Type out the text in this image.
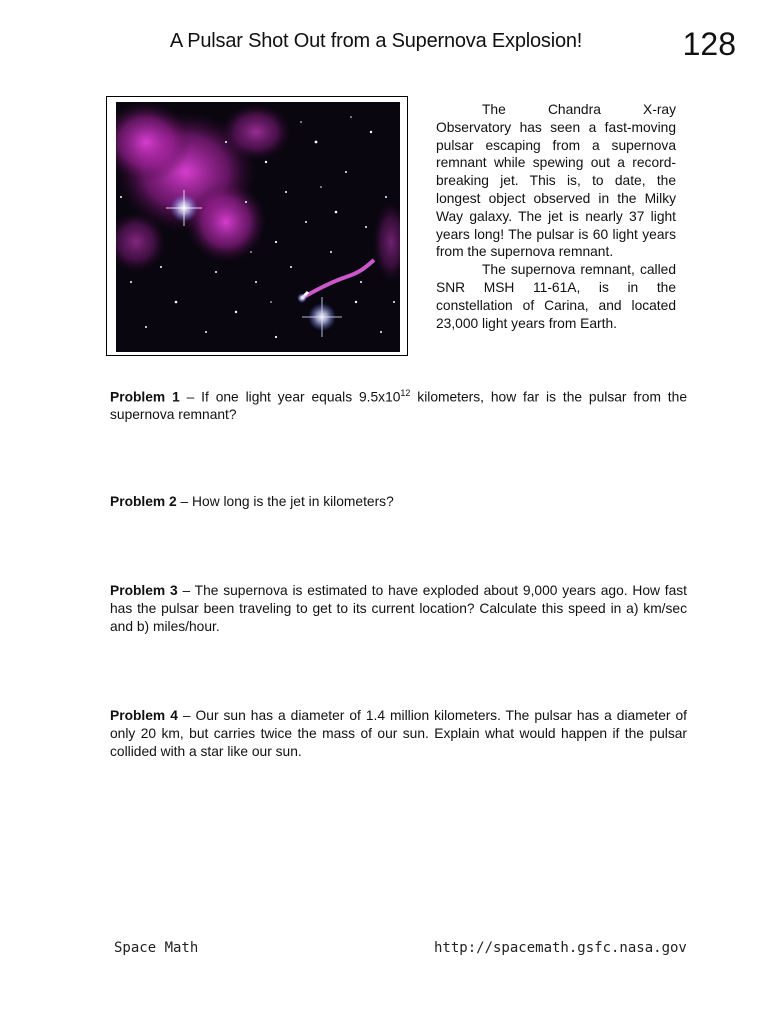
A Pulsar Shot Out from a Supernova Explosion!	128

The Chandra X-ray Observatory has seen a fast-moving pulsar escaping from a supernova remnant while spewing out a record-breaking jet. This is, to date, the longest object observed in the Milky Way galaxy. The jet is nearly 37 light years long! The pulsar is 60 light years from the supernova remnant.

The supernova remnant, called SNR MSH 11-61A, is in the constellation of Carina, and located 23,000 light years from Earth.

Problem 1 – If one light year equals $9.5x10^{12}$ kilometers, how far is the pulsar from the supernova remnant?
Problem 2 – How long is the jet in kilometers?
Problem 3 – The supernova is estimated to have exploded about 9,000 years ago. How fast has the pulsar been traveling to get to its current location? Calculate this speed in a) km/sec and b) miles/hour.
Problem 4 – Our sun has a diameter of 1.4 million kilometers. The pulsar has a diameter of only 20 km, but carries twice the mass of our sun. Explain what would happen if the pulsar collided with a star like our sun.
Space Math	http://spacemath.gsfc.nasa.gov
